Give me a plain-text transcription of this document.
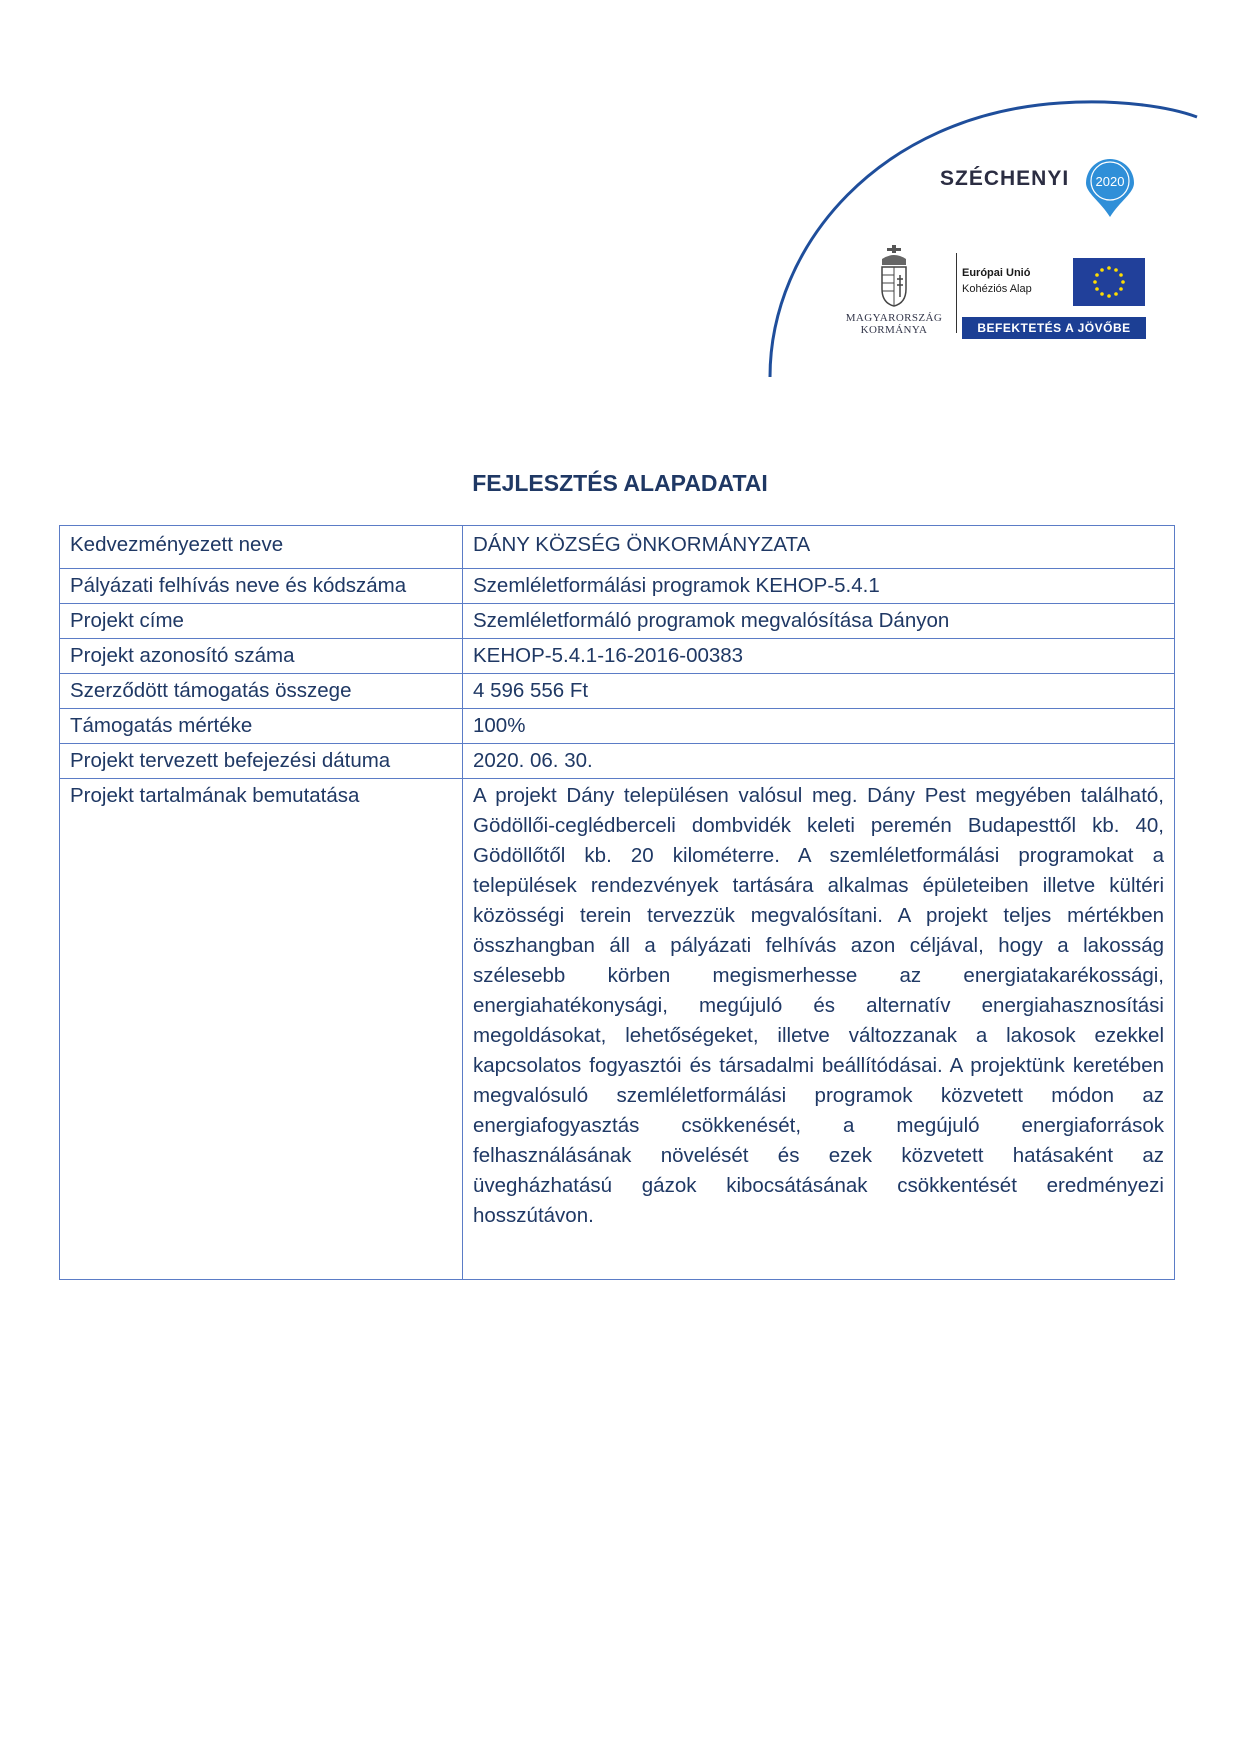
SZÉCHENYI 2020
MAGYARORSZÁG
KORMÁNYA
Európai Unió
Kohéziós Alap
BEFEKTETÉS A JÖVŐBE
FEJLESZTÉS ALAPADATAI
Kedvezményezett neve	DÁNY KÖZSÉG ÖNKORMÁNYZATA
Pályázati felhívás neve és kódszáma	Szemléletformálási programok KEHOP-5.4.1
Projekt címe	Szemléletformáló programok megvalósítása Dányon
Projekt azonosító száma	KEHOP-5.4.1-16-2016-00383
Szerződött támogatás összege	4 596 556 Ft
Támogatás mértéke	100%
Projekt tervezett befejezési dátuma	2020. 06. 30.
Projekt tartalmának bemutatása	A projekt Dány településen valósul meg. Dány Pest megyében található, Gödöllői-ceglédberceli dombvidék keleti peremén Budapesttől kb. 40, Gödöllőtől kb. 20 kilométerre. A szemléletformálási programokat a települések rendezvények tartására alkalmas épületeiben illetve kültéri közösségi terein tervezzük megvalósítani. A projekt teljes mértékben összhangban áll a pályázati felhívás azon céljával, hogy a lakosság szélesebb körben megismerhesse az energiatakarékossági, energiahatékonysági, megújuló és alternatív energiahasznosítási megoldásokat, lehetőségeket, illetve változzanak a lakosok ezekkel kapcsolatos fogyasztói és társadalmi beállítódásai. A projektünk keretében megvalósuló szemléletformálási programok közvetett módon az energiafogyasztás csökkenését, a megújuló energiaforrások felhasználásának növelését és ezek közvetett hatásaként az üvegházhatású gázok kibocsátásának csökkentését eredményezi hosszútávon.
